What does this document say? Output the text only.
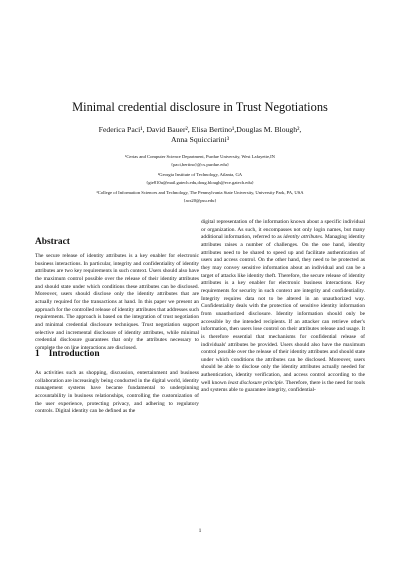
Minimal credential disclosure in Trust Negotiations
Federica Paci¹, David Bauer², Elisa Bertino¹,Douglas M. Blough²,
Anna Squicciarini³
¹Cerias and Computer Science Department, Purdue University, West Lafayette,IN
{paci,bertino}@cs.purdue.edu}
²Georgia Institute of Technology, Atlanta, GA
{gte810u@mail.gatech.edu,doug.blough@ece.gatech.edu}
³College of Information Sciences and Technology, The Pennsylvania State University, University Park, PA, USA
{acs20@psu.edu}
Abstract
The secure release of identity attributes is a key enabler for electronic business interactions. In particular, integrity and confidentiality of identity attributes are two key requirements in such context. Users should also have the maximum control possible over the release of their identity attributes and should state under which conditions these attributes can be disclosed. Moreover, users should disclose only the identity attributes that are actually required for the transactions at hand. In this paper we present an approach for the controlled release of identity attributes that addresses such requirements. The approach is based on the integration of trust negotiation and minimal credential disclosure techniques. Trust negotiation support selective and incremental disclosure of identity attributes, while minimal credential disclosure guarantees that only the attributes necessary to complete the on line interactions are disclosed.
1 Introduction
As activities such as shopping, discussion, entertainment and business collaboration are increasingly being conducted in the digital world, identity management systems have became fundamental to underpinning accountability in business relationships, controlling the customization of the user experience, protecting privacy, and adhering to regulatory controls. Digital identity can be defined as the
digital representation of the information known about a specific individual or organization. As such, it encompasses not only login names, but many additional information, referred to as identity attributes. Managing identity attributes raises a number of challenges. On the one hand, identity attributes need to be shared to speed up and facilitate authentication of users and access control. On the other hand, they need to be protected as they may convey sensitive information about an individual and can be a target of attacks like identity theft. Therefore, the secure release of identity attributes is a key enabler for electronic business interactions. Key requirements for security in such context are integrity and confidentiality. Integrity requires data not to be altered in an unauthorized way. Confidentiality deals with the protection of sensitive identity information from unauthorized disclosure. Identity information should only be accessible by the intended recipients. If an attacker can retrieve other's information, then users lose control on their attributes release and usage. It is therefore essential that mechanisms for confidential release of individuals' attributes be provided. Users should also have the maximum control possible over the release of their identity attributes and should state under which conditions the attributes can be disclosed. Moreover, users should be able to disclose only the identity attributes actually needed for authentication, identity verification, and access control according to the well known least disclosure principle. Therefore, there is the need for tools and systems able to guarantee integrity, confidential-
1
